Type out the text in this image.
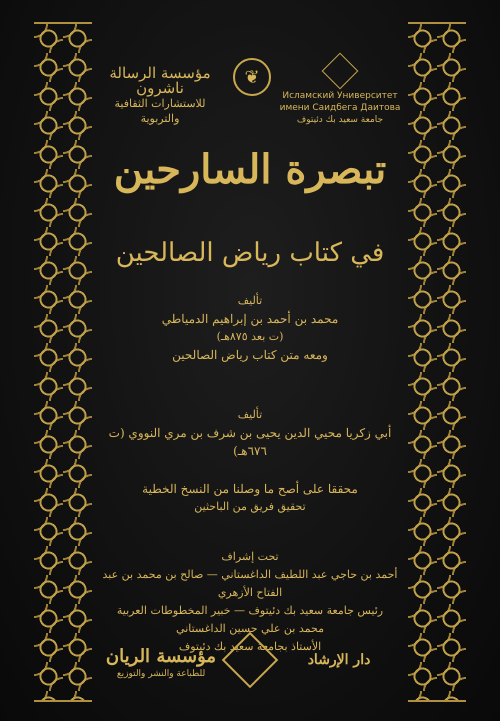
مؤسسة الرسالة ناشرون
للاستشارات الثقافية والتربوية
❦
Исламский Университет
имени Саидбега Даитова
جامعة سعيد بك دئيتوف
تبصرة السارحين
في كتاب رياض الصالحين
تأليف
محمد بن أحمد بن إبراهيم الدمياطي
(ت بعد ٨٧٥هـ)
ومعه متن كتاب رياض الصالحين
تأليف
أبي زكريا محيي الدين يحيى بن شرف بن مري النووي (ت ٦٧٦هـ)
محققا على أصح ما وصلنا من النسخ الخطية
تحقيق فريق من الباحثين
تحت إشراف
أحمد بن حاجي عبد اللطيف الداغستاني — صالح بن محمد بن عبد الفتاح الأزهري
رئيس جامعة سعيد بك دئيتوف — خبير المخطوطات العربية
محمد بن علي حسين الداغستاني
الأستاذ بجامعة سعيد بك دئيتوف
مؤسسة الريان
للطباعة والنشر والتوزيع
دار الإرشاد
